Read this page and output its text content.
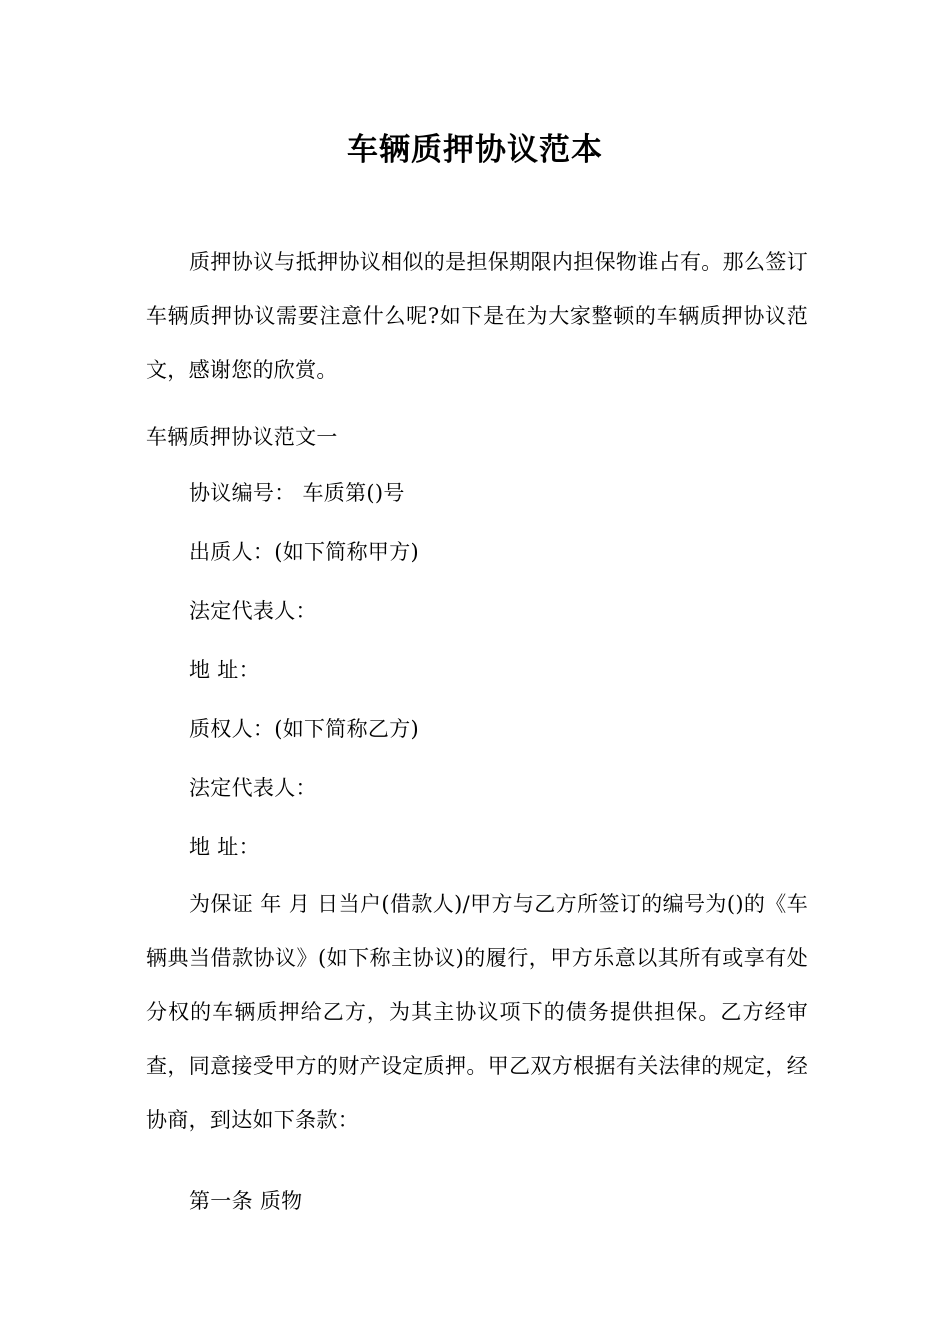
车辆质押协议范本
质押协议与抵押协议相似的是担保期限内担保物谁占有。那么签订车辆质押协议需要注意什么呢?如下是在为大家整顿的车辆质押协议范文，感谢您的欣赏。
车辆质押协议范文一
协议编号： 车质第()号
出质人：(如下简称甲方)
法定代表人：
地 址：
质权人：(如下简称乙方)
法定代表人：
地 址：
为保证 年 月 日当户(借款人)/甲方与乙方所签订的编号为()的《车辆典当借款协议》(如下称主协议)的履行，甲方乐意以其所有或享有处分权的车辆质押给乙方，为其主协议项下的债务提供担保。乙方经审查，同意接受甲方的财产设定质押。甲乙双方根据有关法律的规定，经协商，到达如下条款：
第一条 质物
